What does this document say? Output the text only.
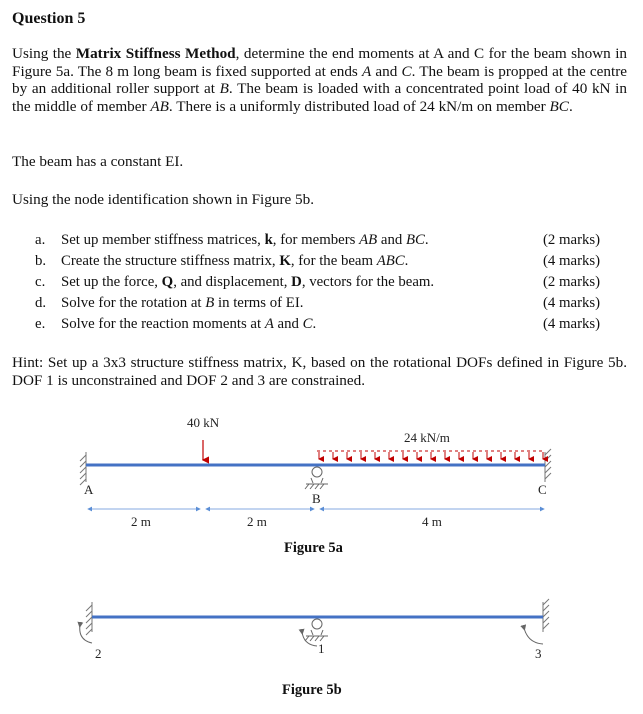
Question 5
Using the Matrix Stiffness Method, determine the end moments at A and C for the beam shown in Figure 5a. The 8 m long beam is fixed supported at ends A and C. The beam is propped at the centre by an additional roller support at B. The beam is loaded with a concentrated point load of 40 kN in the middle of member AB. There is a uniformly distributed load of 24 kN/m on member BC.
The beam has a constant EI.
Using the node identification shown in Figure 5b.
a. Set up member stiffness matrices, k, for members AB and BC.	(2 marks)
b. Create the structure stiffness matrix, K, for the beam ABC.	(4 marks)
c. Set up the force, Q, and displacement, D, vectors for the beam.	(2 marks)
d. Solve for the rotation at B in terms of EI.	(4 marks)
e. Solve for the reaction moments at A and C.	(4 marks)
Hint: Set up a 3x3 structure stiffness matrix, K, based on the rotational DOFs defined in Figure 5b. DOF 1 is unconstrained and DOF 2 and 3 are constrained.
40 kN
24 kN/m
A
B
C
2 m	2 m	4 m
Figure 5a
2	1	3
Figure 5b
